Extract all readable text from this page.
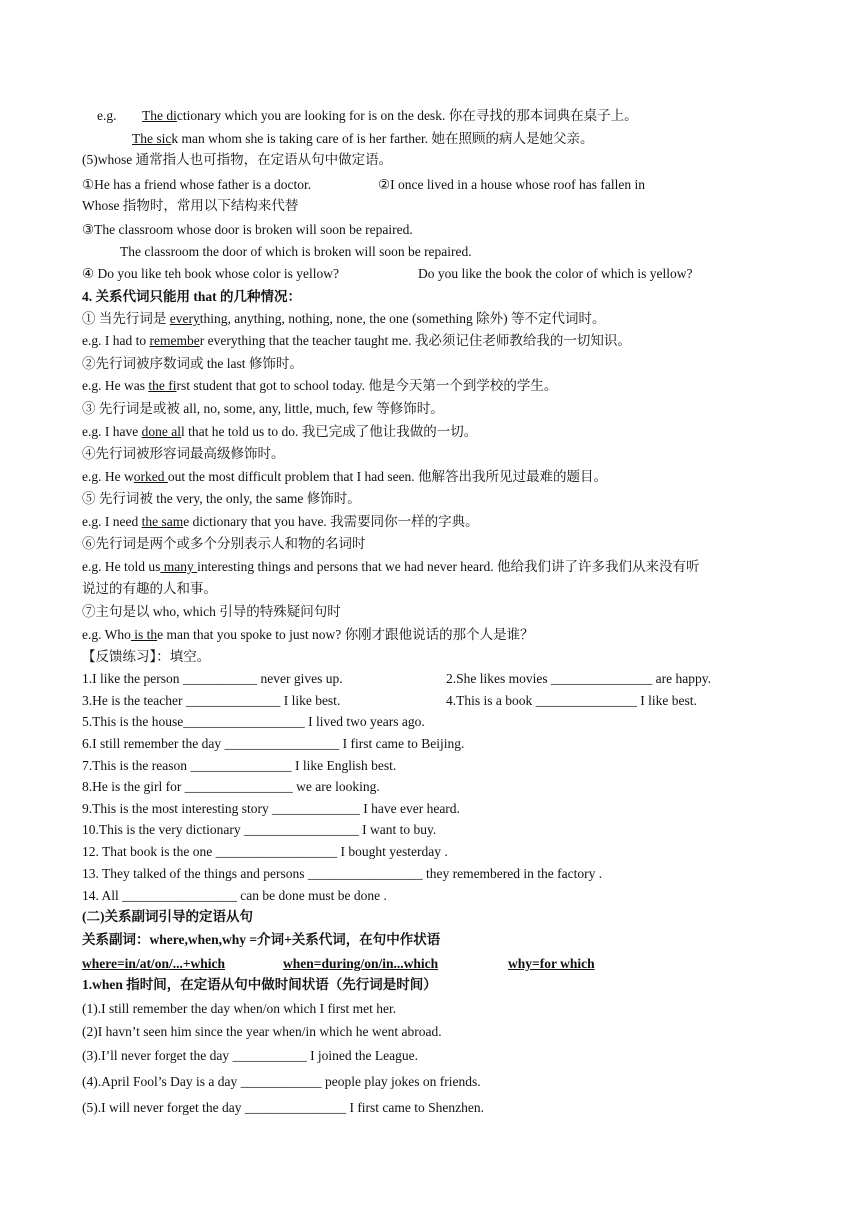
e.g. The dictionary which you are looking for is on the desk. 你在寻找的那本词典在桌子上。
The sick man whom she is taking care of is her farther. 她在照顾的病人是她父亲。
(5)whose 通常指人也可指物，在定语从句中做定语。
①He has a friend whose father is a doctor.	②I once lived in a house whose roof has fallen in
Whose 指物时，常用以下结构来代替
③The classroom whose door is broken will soon be repaired.
The classroom the door of which is broken will soon be repaired.
④ Do you like teh book whose color is yellow?	Do you like the book the color of which is yellow?
4. 关系代词只能用 that 的几种情况：
① 当先行词是 everything, anything, nothing, none, the one (something 除外) 等不定代词时。
e.g. I had to remember everything that the teacher taught me. 我必须记住老师教给我的一切知识。
②先行词被序数词或 the last 修饰时。
e.g. He was the first student that got to school today. 他是今天第一个到学校的学生。
③ 先行词是或被 all, no, some, any, little, much, few 等修饰时。
e.g. I have done all that he told us to do. 我已完成了他让我做的一切。
④先行词被形容词最高级修饰时。
e.g. He worked out the most difficult problem that I had seen. 他解答出我所见过最难的题目。
⑤ 先行词被 the very, the only, the same 修饰时。
e.g. I need the same dictionary that you have. 我需要同你一样的字典。
⑥先行词是两个或多个分别表示人和物的名词时
e.g. He told us many interesting things and persons that we had never heard. 他给我们讲了许多我们从来没有听
说过的有趣的人和事。
⑦主句是以 who, which 引导的特殊疑问句时
e.g. Who is the man that you spoke to just now? 你刚才跟他说话的那个人是谁？
【反馈练习】：填空。
1.I like the person ___________ never gives up.	2.She likes movies _______________ are happy.
3.He is the teacher ______________ I like best.	4.This is a book _______________ I like best.
5.This is the house__________________ I lived two years ago.
6.I still remember the day _________________ I first came to Beijing.
7.This is the reason _______________ I like English best.
8.He is the girl for ________________ we are looking.
9.This is the most interesting story _____________ I have ever heard.
10.This is the very dictionary _________________ I want to buy.
12. That book is the one __________________ I bought yesterday .
13. They talked of the things and persons _________________ they remembered in the factory .
14. All _________________ can be done must be done .
(二)关系副词引导的定语从句
关系副词：where,when,why =介词+关系代词，在句中作状语
where=in/at/on/...+which	when=during/on/in...which	why=for which
1.when 指时间，在定语从句中做时间状语（先行词是时间）
(1).I still remember the day when/on which I first met her.
(2)I havn’t seen him since the year when/in which he went abroad.
(3).I’ll never forget the day ___________ I joined the League.
(4).April Fool’s Day is a day ____________ people play jokes on friends.
(5).I will never forget the day _______________ I first came to Shenzhen.
